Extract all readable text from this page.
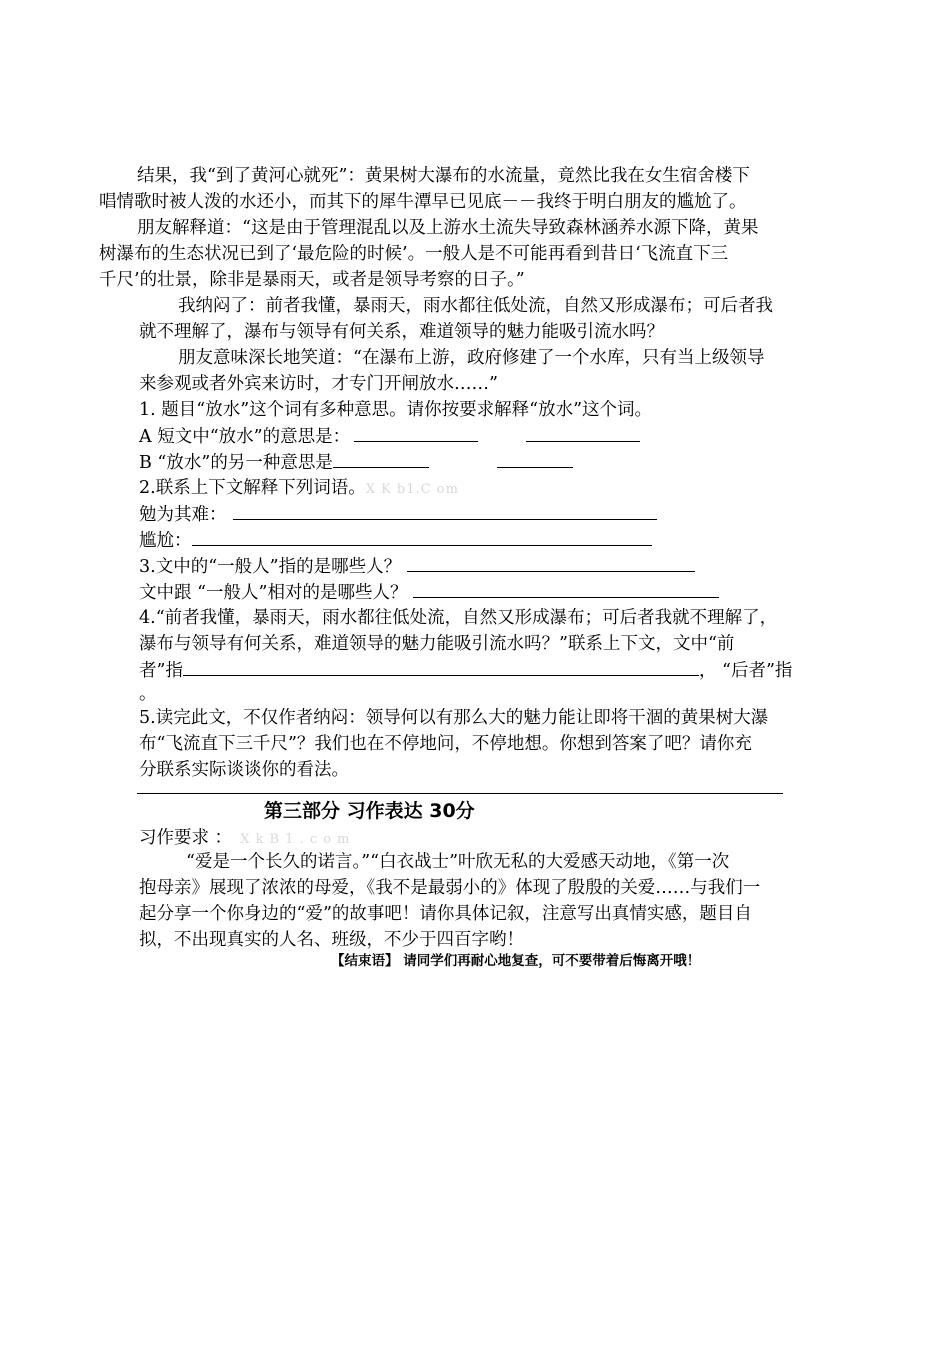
结果，我“到了黄河心就死”：黄果树大瀑布的水流量，竟然比我在女生宿舍楼下
唱情歌时被人泼的水还小，而其下的犀牛潭早已见底－－我终于明白朋友的尴尬了。
朋友解释道：“这是由于管理混乱以及上游水土流失导致森林涵养水源下降，黄果
树瀑布的生态状况已到了‘最危险的时候’。一般人是不可能再看到昔日‘飞流直下三
千尺’的壮景，除非是暴雨天，或者是领导考察的日子。”
我纳闷了：前者我懂，暴雨天，雨水都往低处流，自然又形成瀑布；可后者我
就不理解了，瀑布与领导有何关系，难道领导的魅力能吸引流水吗？
朋友意味深长地笑道：“在瀑布上游，政府修建了一个水库，只有当上级领导
来参观或者外宾来访时，才专门开闸放水……”
1. 题目“放水”这个词有多种意思。请你按要求解释“放水”这个词。
A 短文中“放水”的意思是：
B “放水”的另一种意思是
2.联系上下文解释下列词语。X K b1.C om
勉为其难：
尴尬：
3.文中的“一般人”指的是哪些人？
文中跟 “一般人”相对的是哪些人？
4.“前者我懂，暴雨天，雨水都往低处流，自然又形成瀑布；可后者我就不理解了，
瀑布与领导有何关系，难道领导的魅力能吸引流水吗？”联系上下文，文中“前
者”指	， “后者”指
。
5.读完此文，不仅作者纳闷：领导何以有那么大的魅力能让即将干涸的黄果树大瀑
布“飞流直下三千尺”？我们也在不停地问，不停地想。你想到答案了吧？请你充
分联系实际谈谈你的看法。
第三部分 习作表达 30分
习作要求 ： X k B 1 . c o m
“爱是一个长久的诺言。”“白衣战士”叶欣无私的大爱感天动地，《第一次
抱母亲》展现了浓浓的母爱，《我不是最弱小的》体现了殷殷的关爱……与我们一
起分享一个你身边的“爱”的故事吧！请你具体记叙，注意写出真情实感，题目自
拟，不出现真实的人名、班级，不少于四百字哟！
【结束语】 请同学们再耐心地复查，可不要带着后悔离开哦！
